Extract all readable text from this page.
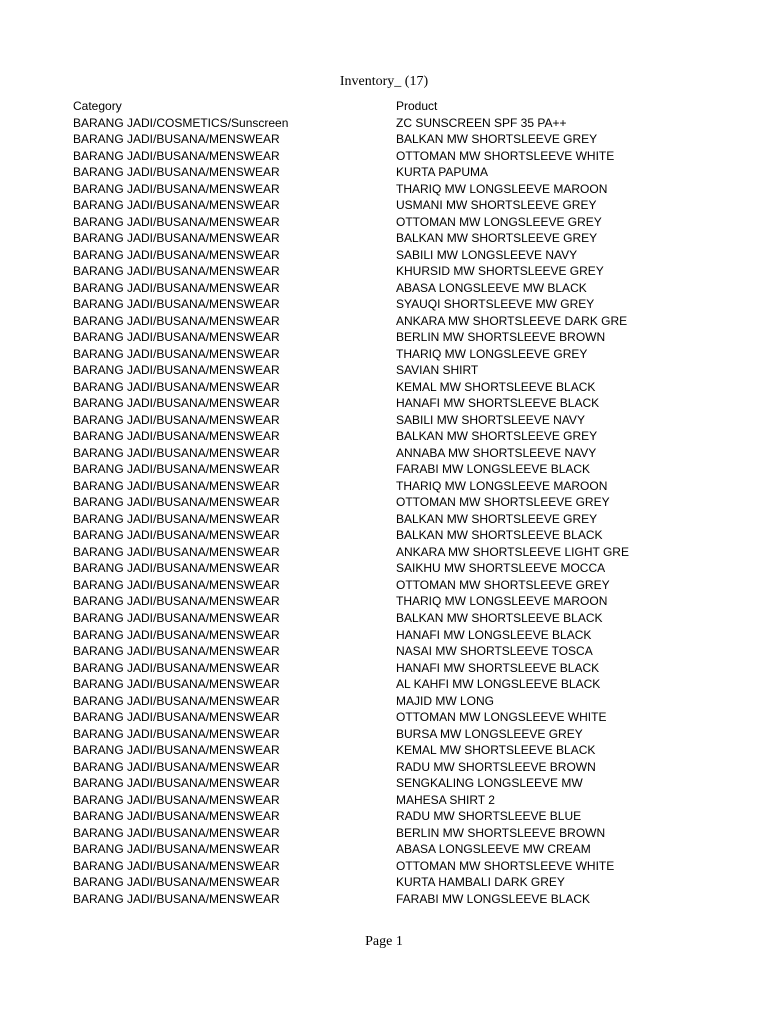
Inventory_ (17)
Category	Product
BARANG JADI/COSMETICS/Sunscreen	ZC SUNSCREEN SPF 35 PA++
BARANG JADI/BUSANA/MENSWEAR	BALKAN MW SHORTSLEEVE GREY
BARANG JADI/BUSANA/MENSWEAR	OTTOMAN MW SHORTSLEEVE WHITE
BARANG JADI/BUSANA/MENSWEAR	KURTA PAPUMA
BARANG JADI/BUSANA/MENSWEAR	THARIQ MW LONGSLEEVE MAROON
BARANG JADI/BUSANA/MENSWEAR	USMANI MW SHORTSLEEVE GREY
BARANG JADI/BUSANA/MENSWEAR	OTTOMAN MW LONGSLEEVE GREY
BARANG JADI/BUSANA/MENSWEAR	BALKAN MW SHORTSLEEVE GREY
BARANG JADI/BUSANA/MENSWEAR	SABILI MW LONGSLEEVE NAVY
BARANG JADI/BUSANA/MENSWEAR	KHURSID MW SHORTSLEEVE GREY
BARANG JADI/BUSANA/MENSWEAR	ABASA LONGSLEEVE MW BLACK
BARANG JADI/BUSANA/MENSWEAR	SYAUQI SHORTSLEEVE MW GREY
BARANG JADI/BUSANA/MENSWEAR	ANKARA MW SHORTSLEEVE DARK GRE
BARANG JADI/BUSANA/MENSWEAR	BERLIN MW SHORTSLEEVE BROWN
BARANG JADI/BUSANA/MENSWEAR	THARIQ MW LONGSLEEVE GREY
BARANG JADI/BUSANA/MENSWEAR	SAVIAN SHIRT
BARANG JADI/BUSANA/MENSWEAR	KEMAL MW SHORTSLEEVE BLACK
BARANG JADI/BUSANA/MENSWEAR	HANAFI MW SHORTSLEEVE BLACK
BARANG JADI/BUSANA/MENSWEAR	SABILI MW SHORTSLEEVE NAVY
BARANG JADI/BUSANA/MENSWEAR	BALKAN MW SHORTSLEEVE GREY
BARANG JADI/BUSANA/MENSWEAR	ANNABA MW SHORTSLEEVE NAVY
BARANG JADI/BUSANA/MENSWEAR	FARABI MW LONGSLEEVE BLACK
BARANG JADI/BUSANA/MENSWEAR	THARIQ MW LONGSLEEVE MAROON
BARANG JADI/BUSANA/MENSWEAR	OTTOMAN MW SHORTSLEEVE GREY
BARANG JADI/BUSANA/MENSWEAR	BALKAN MW SHORTSLEEVE GREY
BARANG JADI/BUSANA/MENSWEAR	BALKAN MW SHORTSLEEVE BLACK
BARANG JADI/BUSANA/MENSWEAR	ANKARA MW SHORTSLEEVE LIGHT GRE
BARANG JADI/BUSANA/MENSWEAR	SAIKHU MW SHORTSLEEVE MOCCA
BARANG JADI/BUSANA/MENSWEAR	OTTOMAN MW SHORTSLEEVE GREY
BARANG JADI/BUSANA/MENSWEAR	THARIQ MW LONGSLEEVE MAROON
BARANG JADI/BUSANA/MENSWEAR	BALKAN MW SHORTSLEEVE BLACK
BARANG JADI/BUSANA/MENSWEAR	HANAFI MW LONGSLEEVE BLACK
BARANG JADI/BUSANA/MENSWEAR	NASAI MW SHORTSLEEVE TOSCA
BARANG JADI/BUSANA/MENSWEAR	HANAFI MW SHORTSLEEVE BLACK
BARANG JADI/BUSANA/MENSWEAR	AL KAHFI MW LONGSLEEVE BLACK
BARANG JADI/BUSANA/MENSWEAR	MAJID MW LONG
BARANG JADI/BUSANA/MENSWEAR	OTTOMAN MW LONGSLEEVE WHITE
BARANG JADI/BUSANA/MENSWEAR	BURSA MW LONGSLEEVE GREY
BARANG JADI/BUSANA/MENSWEAR	KEMAL MW SHORTSLEEVE BLACK
BARANG JADI/BUSANA/MENSWEAR	RADU MW SHORTSLEEVE BROWN
BARANG JADI/BUSANA/MENSWEAR	SENGKALING LONGSLEEVE MW
BARANG JADI/BUSANA/MENSWEAR	MAHESA SHIRT 2
BARANG JADI/BUSANA/MENSWEAR	RADU MW SHORTSLEEVE BLUE
BARANG JADI/BUSANA/MENSWEAR	BERLIN MW SHORTSLEEVE BROWN
BARANG JADI/BUSANA/MENSWEAR	ABASA LONGSLEEVE MW CREAM
BARANG JADI/BUSANA/MENSWEAR	OTTOMAN MW SHORTSLEEVE WHITE
BARANG JADI/BUSANA/MENSWEAR	KURTA HAMBALI DARK GREY
BARANG JADI/BUSANA/MENSWEAR	FARABI MW LONGSLEEVE BLACK
Page 1
